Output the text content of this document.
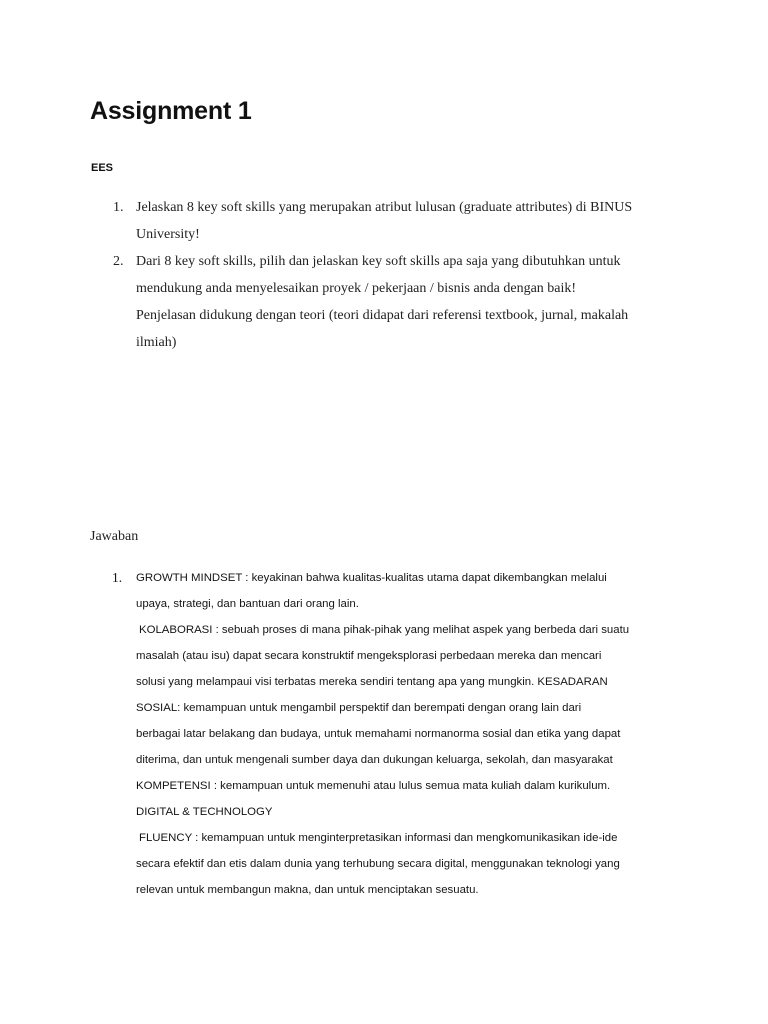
Assignment 1

EES

1. Jelaskan 8 key soft skills yang merupakan atribut lulusan (graduate attributes) di BINUS
University!
2. Dari 8 key soft skills, pilih dan jelaskan key soft skills apa saja yang dibutuhkan untuk
mendukung anda menyelesaikan proyek / pekerjaan / bisnis anda dengan baik!
Penjelasan didukung dengan teori (teori didapat dari referensi textbook, jurnal, makalah
ilmiah)

Jawaban

1. GROWTH MINDSET : keyakinan bahwa kualitas-kualitas utama dapat dikembangkan melalui
upaya, strategi, dan bantuan dari orang lain.
KOLABORASI : sebuah proses di mana pihak-pihak yang melihat aspek yang berbeda dari suatu
masalah (atau isu) dapat secara konstruktif mengeksplorasi perbedaan mereka dan mencari
solusi yang melampaui visi terbatas mereka sendiri tentang apa yang mungkin. KESADARAN
SOSIAL: kemampuan untuk mengambil perspektif dan berempati dengan orang lain dari
berbagai latar belakang dan budaya, untuk memahami normanorma sosial dan etika yang dapat
diterima, dan untuk mengenali sumber daya dan dukungan keluarga, sekolah, dan masyarakat
KOMPETENSI : kemampuan untuk memenuhi atau lulus semua mata kuliah dalam kurikulum.
DIGITAL & TECHNOLOGY
FLUENCY : kemampuan untuk menginterpretasikan informasi dan mengkomunikasikan ide-ide
secara efektif dan etis dalam dunia yang terhubung secara digital, menggunakan teknologi yang
relevan untuk membangun makna, dan untuk menciptakan sesuatu.
